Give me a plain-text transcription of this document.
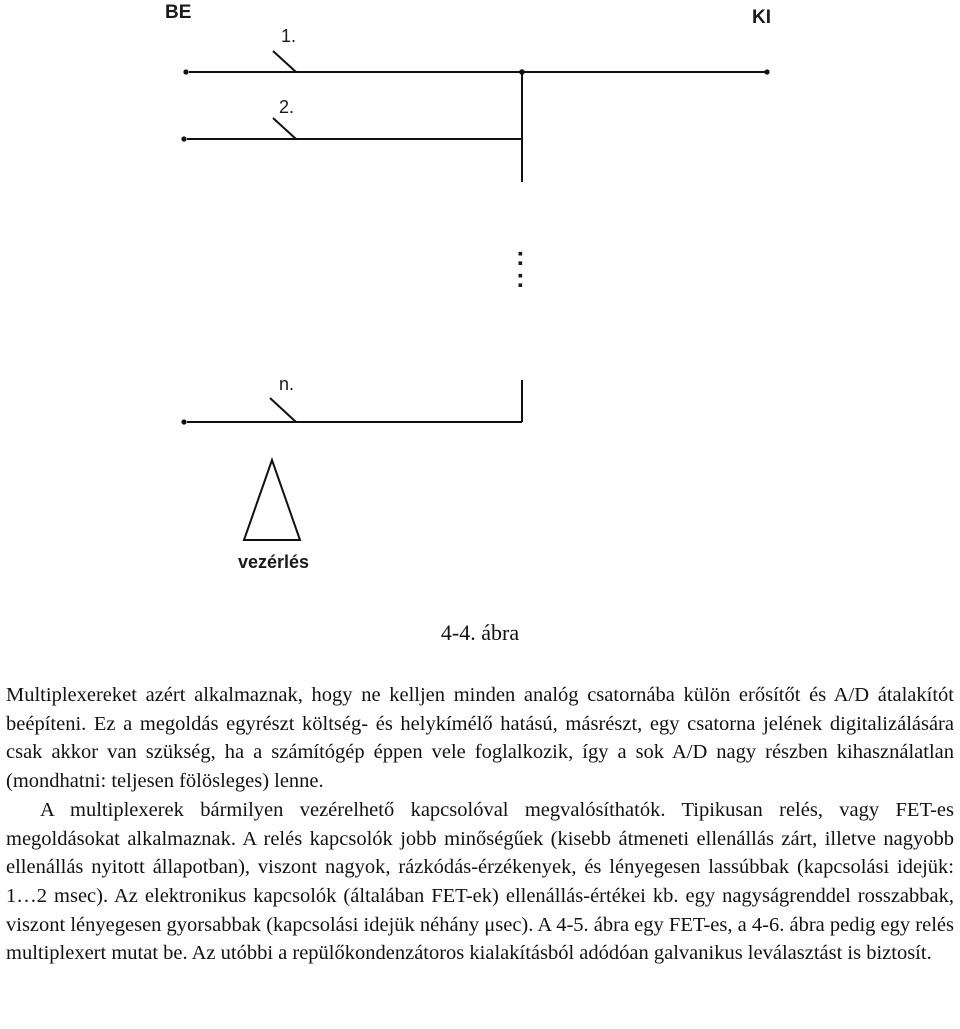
BE	KI
1.
2.
:
:
n.
vezérlés
4-4. ábra

Multiplexereket azért alkalmaznak, hogy ne kelljen minden analóg csatornába külön erősítőt és A/D átalakítót beépíteni. Ez a megoldás egyrészt költség- és helykímélő hatású, másrészt, egy csatorna jelének digitalizálására csak akkor van szükség, ha a számítógép éppen vele foglalkozik, így a sok A/D nagy részben kihasználatlan (mondhatni: teljesen fölösleges) lenne.

A multiplexerek bármilyen vezérelhető kapcsolóval megvalósíthatók. Tipikusan relés, vagy FET-es megoldásokat alkalmaznak. A relés kapcsolók jobb minőségűek (kisebb átmeneti ellenállás zárt, illetve nagyobb ellenállás nyitott állapotban), viszont nagyok, rázkódás-érzékenyek, és lényegesen lassúbbak (kapcsolási idejük: 1…2 msec). Az elektronikus kapcsolók (általában FET-ek) ellenállás-értékei kb. egy nagyságrenddel rosszabbak, viszont lényegesen gyorsabbak (kapcsolási idejük néhány μsec). A 4-5. ábra egy FET-es, a 4-6. ábra pedig egy relés multiplexert mutat be. Az utóbbi a repülőkondenzátoros kialakításból adódóan galvanikus leválasztást is biztosít.
